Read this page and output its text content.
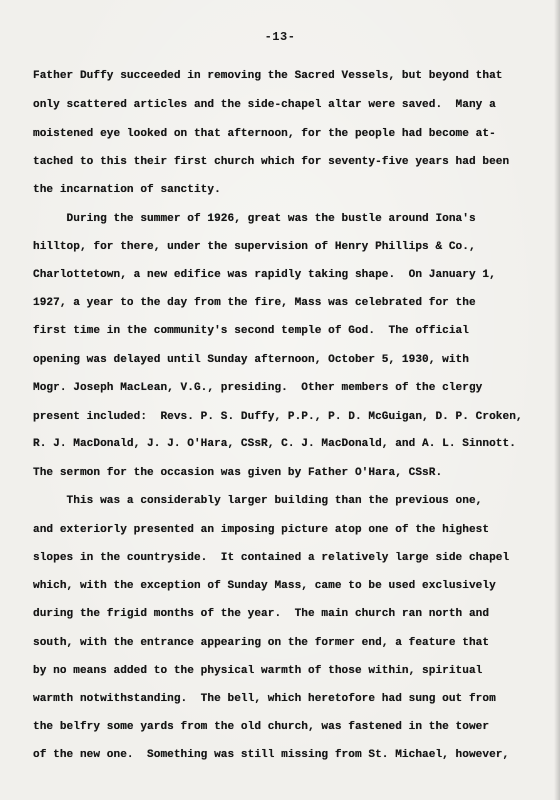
-13-
Father Duffy succeeded in removing the Sacred Vessels, but beyond that
only scattered articles and the side-chapel altar were saved.  Many a
moistened eye looked on that afternoon, for the people had become at-
tached to this their first church which for seventy-five years had been
the incarnation of sanctity.
During the summer of 1926, great was the bustle around Iona's
hilltop, for there, under the supervision of Henry Phillips & Co.,
Charlottetown, a new edifice was rapidly taking shape.  On January 1,
1927, a year to the day from the fire, Mass was celebrated for the
first time in the community's second temple of God.  The official
opening was delayed until Sunday afternoon, October 5, 1930, with
Mogr. Joseph MacLean, V.G., presiding.  Other members of the clergy
present included:  Revs. P. S. Duffy, P.P., P. D. McGuigan, D. P. Croken,
R. J. MacDonald, J. J. O'Hara, CSsR, C. J. MacDonald, and A. L. Sinnott.
The sermon for the occasion was given by Father O'Hara, CSsR.
This was a considerably larger building than the previous one,
and exteriorly presented an imposing picture atop one of the highest
slopes in the countryside.  It contained a relatively large side chapel
which, with the exception of Sunday Mass, came to be used exclusively
during the frigid months of the year.  The main church ran north and
south, with the entrance appearing on the former end, a feature that
by no means added to the physical warmth of those within, spiritual
warmth notwithstanding.  The bell, which heretofore had sung out from
the belfry some yards from the old church, was fastened in the tower
of the new one.  Something was still missing from St. Michael, however,
